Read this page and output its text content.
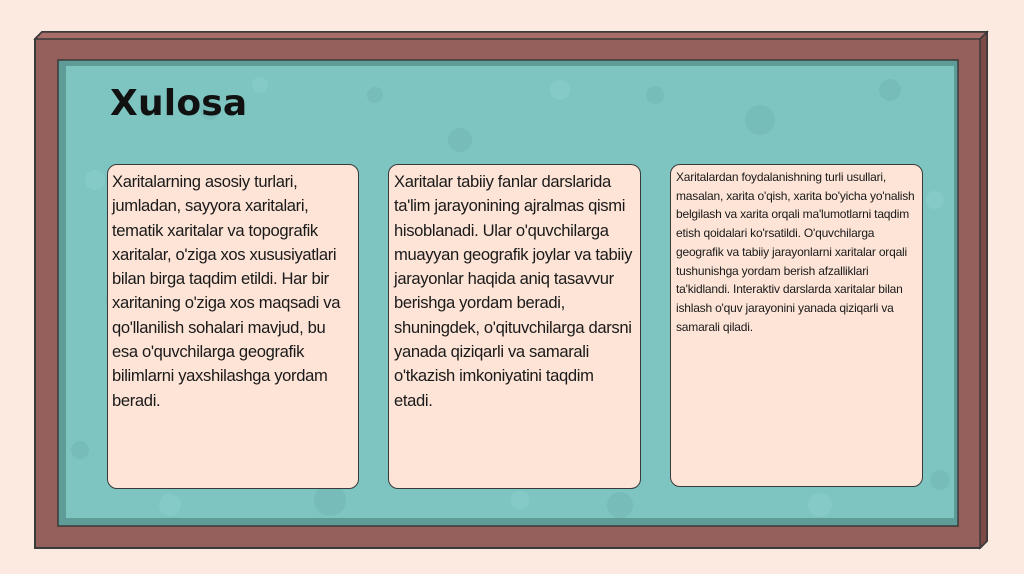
Xulosa

Xaritalarning asosiy turlari, jumladan, sayyora xaritalari, tematik xaritalar va topografik xaritalar, o'ziga xos xususiyatlari bilan birga taqdim etildi. Har bir xaritaning o'ziga xos maqsadi va qo'llanilish sohalari mavjud, bu esa o'quvchilarga geografik bilimlarni yaxshilashga yordam beradi.

Xaritalar tabiiy fanlar darslarida ta'lim jarayonining ajralmas qismi hisoblanadi. Ular o'quvchilarga muayyan geografik joylar va tabiiy jarayonlar haqida aniq tasavvur berishga yordam beradi, shuningdek, o'qituvchilarga darsni yanada qiziqarli va samarali o'tkazish imkoniyatini taqdim etadi.

Xaritalardan foydalanishning turli usullari, masalan, xarita o'qish, xarita bo'yicha yo'nalish belgilash va xarita orqali ma'lumotlarni taqdim etish qoidalari ko'rsatildi. O'quvchilarga geografik va tabiiy jarayonlarni xaritalar orqali tushunishga yordam berish afzalliklari ta'kidlandi. Interaktiv darslarda xaritalar bilan ishlash o'quv jarayonini yanada qiziqarli va samarali qiladi.
